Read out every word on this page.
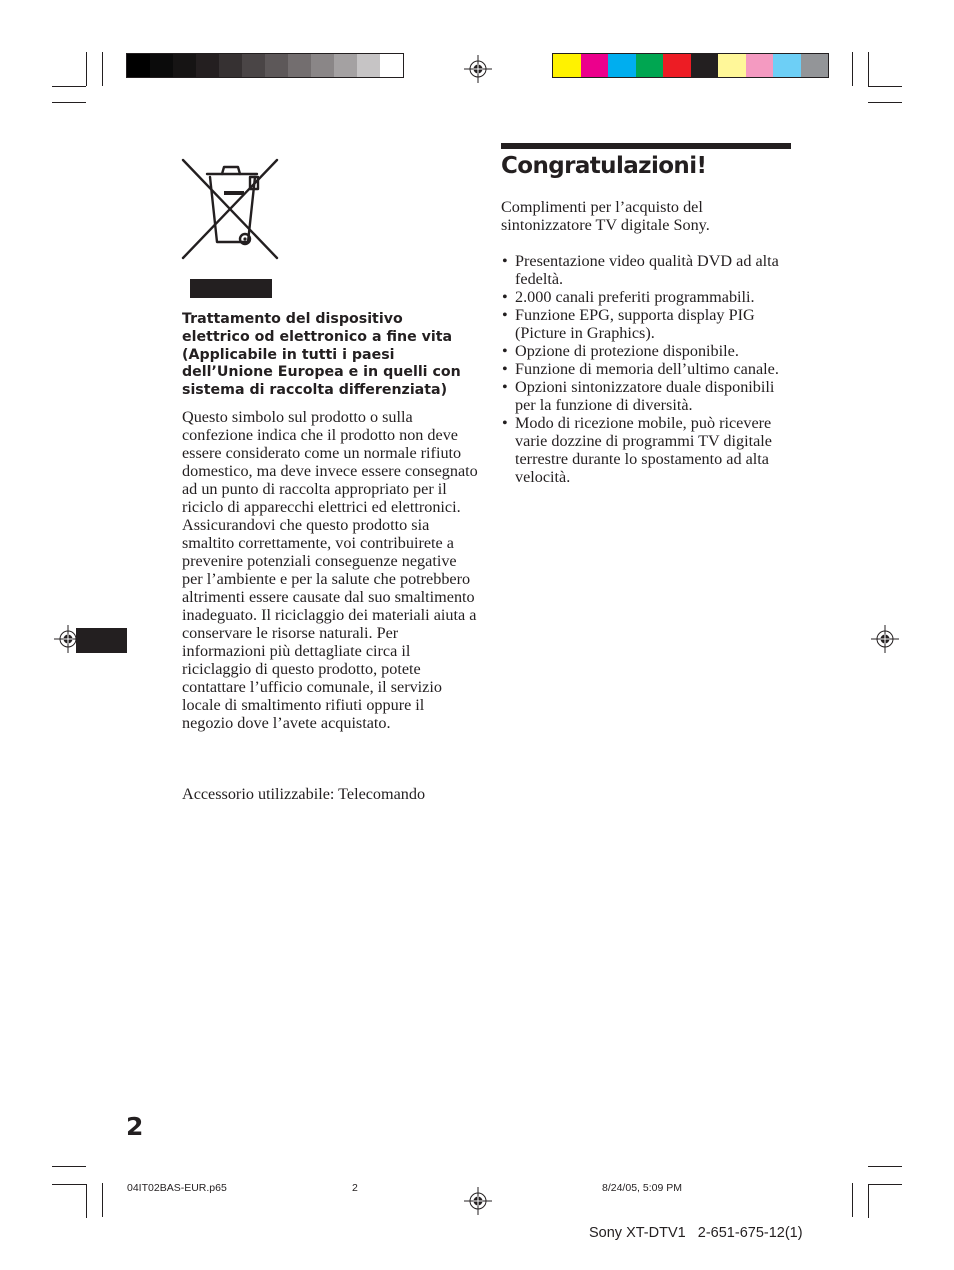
Trattamento del dispositivo elettrico od elettronico a fine vita (Applicabile in tutti i paesi dell’Unione Europea e in quelli con sistema di raccolta differenziata)
Questo simbolo sul prodotto o sulla confezione indica che il prodotto non deve essere considerato come un normale rifiuto domestico, ma deve invece essere consegnato ad un punto di raccolta appropriato per il riciclo di apparecchi elettrici ed elettronici. Assicurandovi che questo prodotto sia smaltito correttamente, voi contribuirete a prevenire potenziali conseguenze negative per l’ambiente e per la salute che potrebbero altrimenti essere causate dal suo smaltimento inadeguato. Il riciclaggio dei materiali aiuta a conservare le risorse naturali. Per informazioni più dettagliate circa il riciclaggio di questo prodotto, potete contattare l’ufficio comunale, il servizio locale di smaltimento rifiuti oppure il negozio dove l’avete acquistato.
Accessorio utilizzabile: Telecomando
Congratulazioni!
Complimenti per l’acquisto del sintonizzatore TV digitale Sony.
• Presentazione video qualità DVD ad alta fedeltà.
• 2.000 canali preferiti programmabili.
• Funzione EPG, supporta display PIG (Picture in Graphics).
• Opzione di protezione disponibile.
• Funzione di memoria dell’ultimo canale.
• Opzioni sintonizzatore duale disponibili per la funzione di diversità.
• Modo di ricezione mobile, può ricevere varie dozzine di programmi TV digitale terrestre durante lo spostamento ad alta velocità.
2
04IT02BAS-EUR.p65	2	8/24/05, 5:09 PM
Sony XT-DTV1   2-651-675-12(1)
